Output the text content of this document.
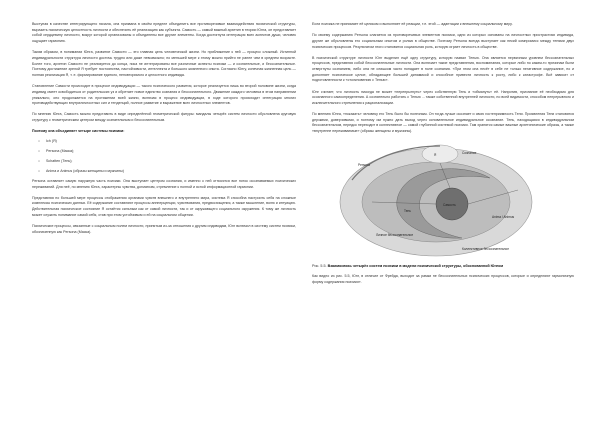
Выступая в качестве интегрирующего начала, она призвана в своём пределе объединить все противоречивые взаимодействия психической структуры, выразить психическую целостность личности и обеспечить её реализацию как субъекта. Самость — самый важный архетип в теории Юнга, он представляет собой сердцевину личности, вокруг которой организованы и объединены все другие элементы. Когда достигнута интеграция всех аспектов души, человек ощущает гармонию.

Таким образом, в понимании Юнга, развитие Самости — это главная цель человеческой жизни. Но приближение к ней — процесс сложный. Истинной индивидуальности структура личности достичь трудно или даже невозможно; по меньшей мере к этому можно прийти не ранее чем в среднем возрасте. Более того, архетип Самости не реализуется до конца, пока не интегрированы все различные аспекты психики — и сознательные, и бессознательные. Поэтому достижение зрелой Я требует постоянства, настойчивости, интеллекта и большого жизненного опыта. Согласно Юнгу, конечная жизненная цель — полная реализация Я, т. е. формирование единого, неповторимого и целостного индивида.

Становление Самости происходит в процессе индивидуации — такого психического развития, которое реализуется лишь во второй половине жизни, когда индивид смеет освободиться от родительских уз и обретает новое единство сознания и бессознательного. Движение каждого человека в этом направлении уникально, оно продолжается на протяжении всей жизни, включая в процесс индивидуации, в ходе которого происходит интеграция многих противодействующих внутриличностных сил и тенденций, полное развитие и выражение всех личностных элементов.

По мнению Юнга, Самость можно представить в виде определённой геометрической фигуры: мандалы четырёх систем личности обусловлена круговую структуру с геометрическим центром между сознательным и бессознательным.

Поэтому она объединяет четыре системы психики:

○ Ich (Я)
○ Persona (Маска);
○ Schatten (Тень);
○ Anima и Animus (образы женщины и мужчины)

Persona оставляет самую наружную часть психики. Она выступает центром сознания, и именно к ней относятся все поток осознаваемых психических переживаний. Для неё, по мнению Юнга, характерны чувства, догматизм, стремление к полной и ясной информационной гармонии.

Представляя по большей мере процессы отображения органами чувств внешнего и внутреннего мира, система Я способна настроить себя на сложные комплексы психических данных. Её содержание составляют процессы аппперцепции, чувствования, предвосхищения, а также мышление, волю и интуицию. Действительная психическое состояние Я остаётся сильным как от самой личности, так и от окружающего социального окружения. К тому же личность может служить понимание самой себя, став при этом устойчивым и ей на социальном общении.

Психические процессы, связанные с социальным полем личности, принятым из-за отношения к другим индивидам, Юнг включил в систему систем психики, обозначенную как Persona (Маска).

Если психика не принимает её целиком и выполняет её реакции, т.е. этой — адаптации к внешнему социальному миру.

По своему содержанию Persona слагается из противоречивых элементов психики, одни из которых основаны на личностных пристрастиях индивида, другие же обусловлены его социальным опытом и ролью в обществе. Поэтому Persona всегда выступает как некий компромисс между тенями двух психических процессов. Результатом этого становится социальная роль, которую играет личность в обществе.

В психической структуре личности Юнг выделил ещё одну структуру, которую назвал Тенью. Она является первичным уровнем бессознательных процессов, представляя собой бессознательные личности. Она включает такие представления, воспоминания, которые либо по каким-то причинам были отвергнуты сознанием, либо она не слишком часто попадает в поле сознания. «При этом она несёт в себе не только негативное содержание, но и дополняет психическое целое, обладающее большей динамикой и способное привести личность к росту, либо к катастрофе. Всё зависит от подготовленности к «столкновению с Тенью».

Юнг считает, что личность никогда не может «перепрыгнуть» через собственную Тень и «обмануть» её. Напротив, признание её необходимо для осознанного самоопределения. А сознательно работать с Тенью ... также собственной внутренней личности, по всей видимости, способом непрерывного и исключительного стремления к рационализации.

По мнению Юнга, «показать» человеку его Тень было бы полезным. Он тогда лучше осознает и свою гостеприимность Тени. Проявления Тени становятся дерзкими, доверчивыми, и поэтому им нужно дать выход через основательное индивидуальное осознание. Тень, находящаяся в индивидуальном бессознательном, нередко переходит в коллективное — самой глубинной системой психики. Там хранятся самые важные архетипические образы, а также «внутренне переживаемые» (образы женщины и мужчины).

Я
Persona
Тень
Anima / Animus
Самость
Сознание
Личное бессознательное
Коллективное бессознательное
Рис. 5.5. Взаимосвязь четырёх систем психики в модели психической структуры, обоснованной Юнгом

Как видно из рис. 5.5, Юнг, в отличие от Фрейда, выходит за рамки не бессознательных психических процессов, которые и определяют гармоничную форму содержания психики».
